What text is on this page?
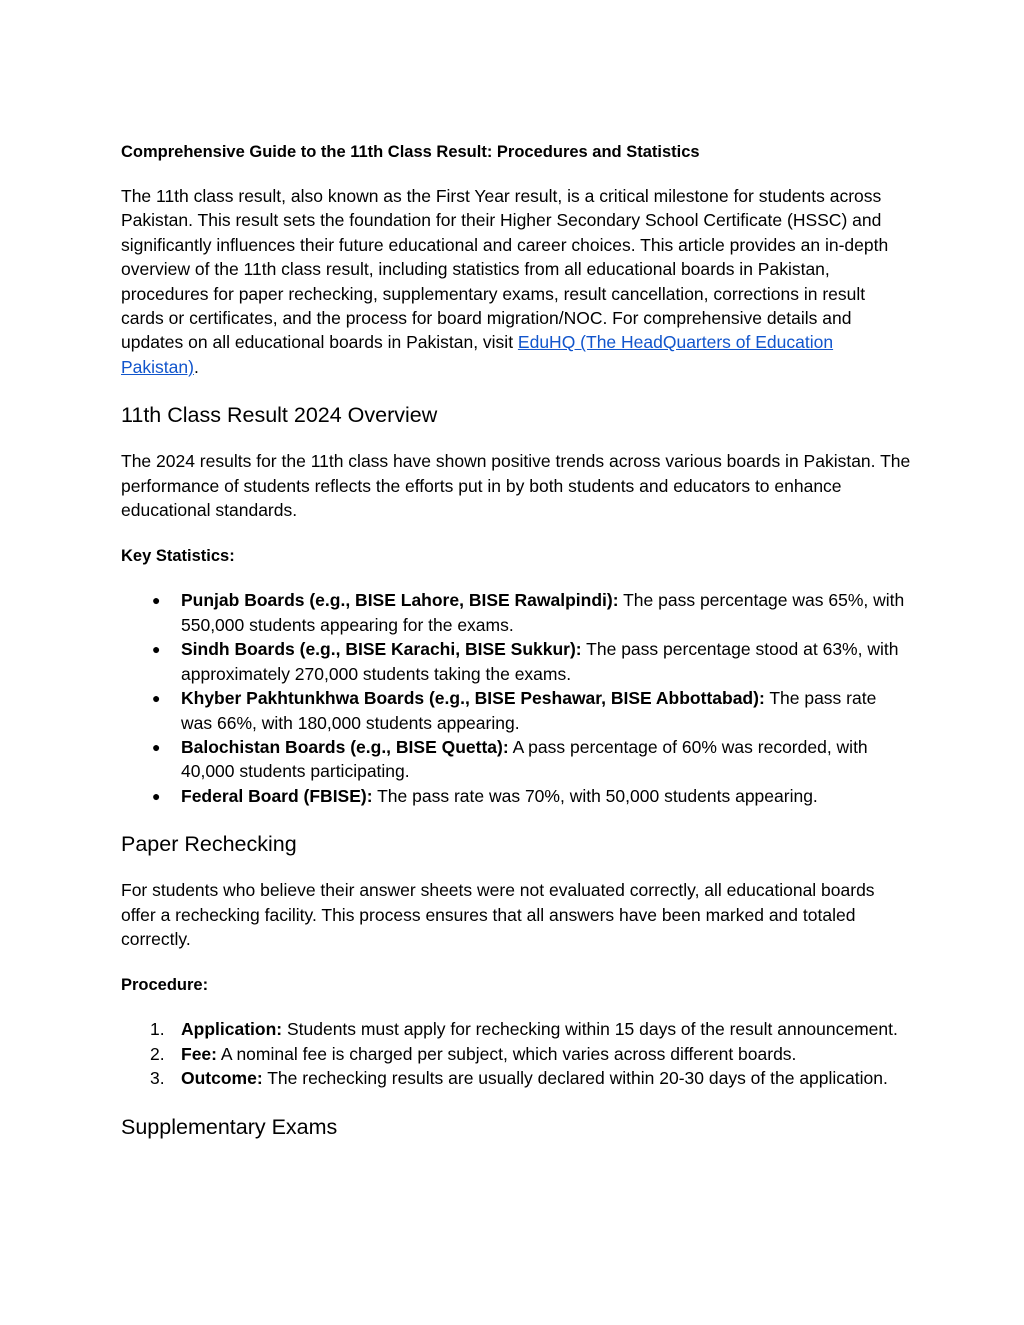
Comprehensive Guide to the 11th Class Result: Procedures and Statistics

The 11th class result, also known as the First Year result, is a critical milestone for students across Pakistan. This result sets the foundation for their Higher Secondary School Certificate (HSSC) and significantly influences their future educational and career choices. This article provides an in-depth overview of the 11th class result, including statistics from all educational boards in Pakistan, procedures for paper rechecking, supplementary exams, result cancellation, corrections in result cards or certificates, and the process for board migration/NOC. For comprehensive details and updates on all educational boards in Pakistan, visit EduHQ (The HeadQuarters of Education Pakistan).

11th Class Result 2024 Overview

The 2024 results for the 11th class have shown positive trends across various boards in Pakistan. The performance of students reflects the efforts put in by both students and educators to enhance educational standards.

Key Statistics:
● Punjab Boards (e.g., BISE Lahore, BISE Rawalpindi): The pass percentage was 65%, with 550,000 students appearing for the exams.
● Sindh Boards (e.g., BISE Karachi, BISE Sukkur): The pass percentage stood at 63%, with approximately 270,000 students taking the exams.
● Khyber Pakhtunkhwa Boards (e.g., BISE Peshawar, BISE Abbottabad): The pass rate was 66%, with 180,000 students appearing.
● Balochistan Boards (e.g., BISE Quetta): A pass percentage of 60% was recorded, with 40,000 students participating.
● Federal Board (FBISE): The pass rate was 70%, with 50,000 students appearing.
Paper Rechecking

For students who believe their answer sheets were not evaluated correctly, all educational boards offer a rechecking facility. This process ensures that all answers have been marked and totaled correctly.

Procedure:
1. Application: Students must apply for rechecking within 15 days of the result announcement.
2. Fee: A nominal fee is charged per subject, which varies across different boards.
3. Outcome: The rechecking results are usually declared within 20-30 days of the application.
Supplementary Exams
